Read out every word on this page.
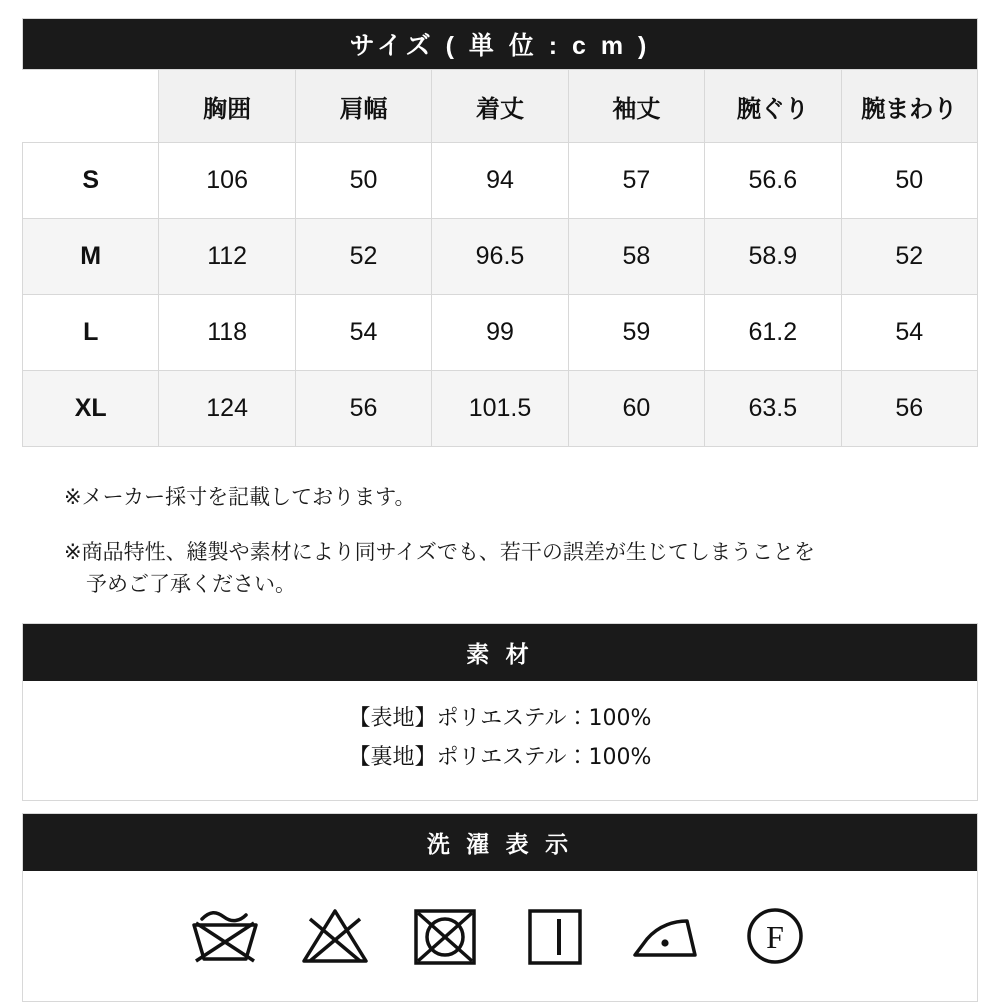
サイズ ( 単 位 : c m )						
	胸囲	肩幅	着丈	袖丈	腕ぐり	腕まわり
S	106	50	94	57	56.6	50
M	112	52	96.5	58	58.9	52
L	118	54	99	59	61.2	54
XL	124	56	101.5	60	63.5	56
※メーカー採寸を記載しております。
※商品特性、縫製や素材により同サイズでも、若干の誤差が生じてしまうことを
予めご了承ください。
素 材
【表地】ポリエステル：100%
【裏地】ポリエステル：100%
洗 濯 表 示
F
